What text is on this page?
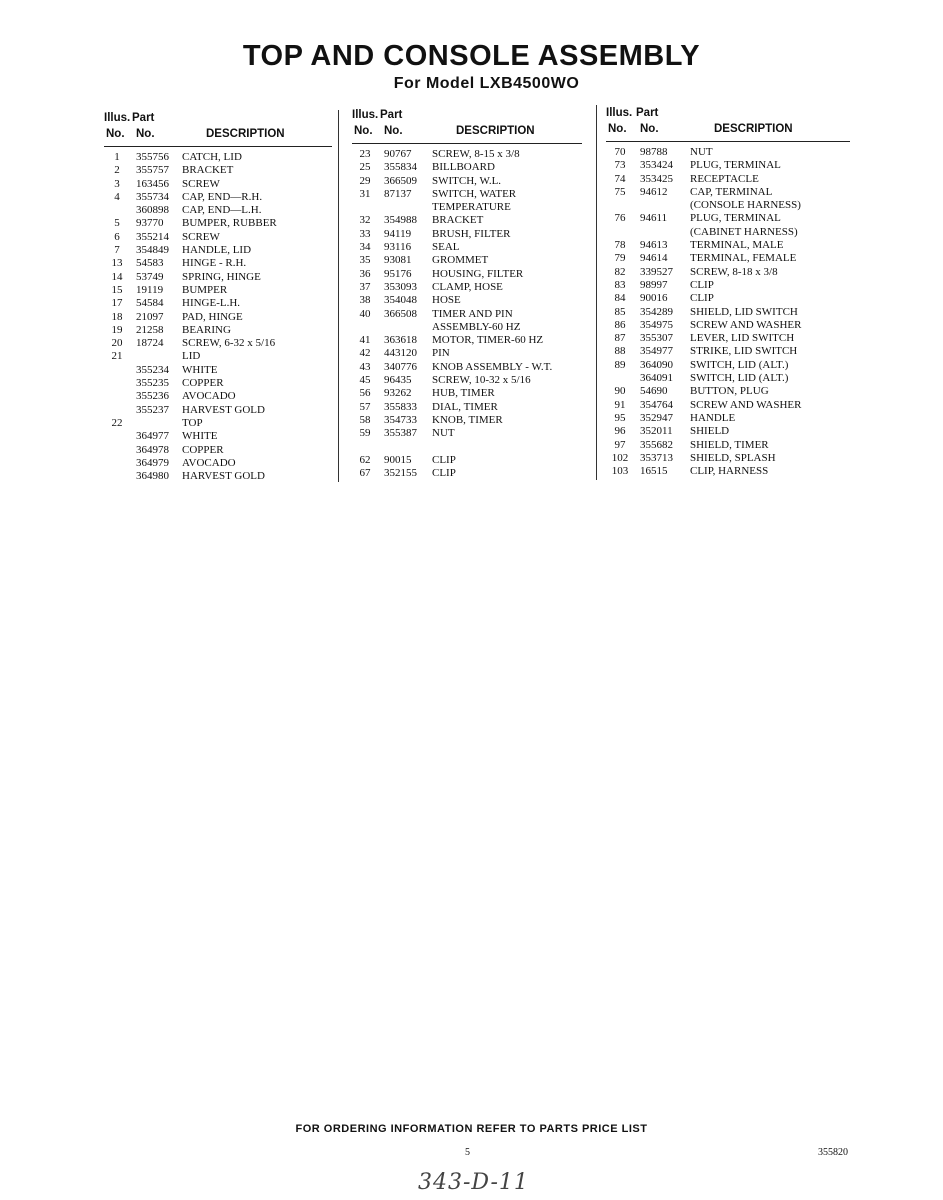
TOP AND CONSOLE ASSEMBLY
For Model LXB4500WO
Illus. Part
No. No.	DESCRIPTION
1	355756 CATCH, LID
2	355757 BRACKET
3	163456 SCREW
4	355734 CAP, END—R.H.
360898 CAP, END—L.H.
5	93770 BUMPER, RUBBER
6	355214 SCREW
7	354849 HANDLE, LID
13	54583 HINGE - R.H.
14	53749 SPRING, HINGE
15	19119 BUMPER
17	54584 HINGE-L.H.
18	21097 PAD, HINGE
19	21258 BEARING
20	18724 SCREW, 6-32 x 5/16
21	LID
355234 WHITE
355235 COPPER
355236 AVOCADO
355237 HARVEST GOLD
22	TOP
364977 WHITE
364978 COPPER
364979 AVOCADO
364980 HARVEST GOLD
Illus. Part
No. No.	DESCRIPTION
23	90767 SCREW, 8-15 x 3/8
25	355834 BILLBOARD
29	366509 SWITCH, W.L.
31	87137 SWITCH, WATER
TEMPERATURE
32	354988 BRACKET
33	94119 BRUSH, FILTER
34	93116 SEAL
35	93081 GROMMET
36	95176 HOUSING, FILTER
37	353093 CLAMP, HOSE
38	354048 HOSE
40	366508 TIMER AND PIN
ASSEMBLY-60 HZ
41	363618 MOTOR, TIMER-60 HZ
42	443120 PIN
43	340776 KNOB ASSEMBLY - W.T.
45	96435 SCREW, 10-32 x 5/16
56	93262 HUB, TIMER
57	355833 DIAL, TIMER
58	354733 KNOB, TIMER
59	355387 NUT
62	90015 CLIP
67	352155 CLIP
Illus. Part
No. No.	DESCRIPTION
70	98788 NUT
73	353424 PLUG, TERMINAL
74	353425 RECEPTACLE
75	94612 CAP, TERMINAL
(CONSOLE HARNESS)
76	94611 PLUG, TERMINAL
(CABINET HARNESS)
78	94613 TERMINAL, MALE
79	94614 TERMINAL, FEMALE
82	339527 SCREW, 8-18 x 3/8
83	98997 CLIP
84	90016 CLIP
85	354289 SHIELD, LID SWITCH
86	354975 SCREW AND WASHER
87	355307 LEVER, LID SWITCH
88	354977 STRIKE, LID SWITCH
89	364090 SWITCH, LID (ALT.)
364091 SWITCH, LID (ALT.)
90	54690 BUTTON, PLUG
91	354764 SCREW AND WASHER
95	352947 HANDLE
96	352011 SHIELD
97	355682 SHIELD, TIMER
102	353713 SHIELD, SPLASH
103	16515 CLIP, HARNESS
FOR ORDERING INFORMATION REFER TO PARTS PRICE LIST
5	355820
343-D-11
